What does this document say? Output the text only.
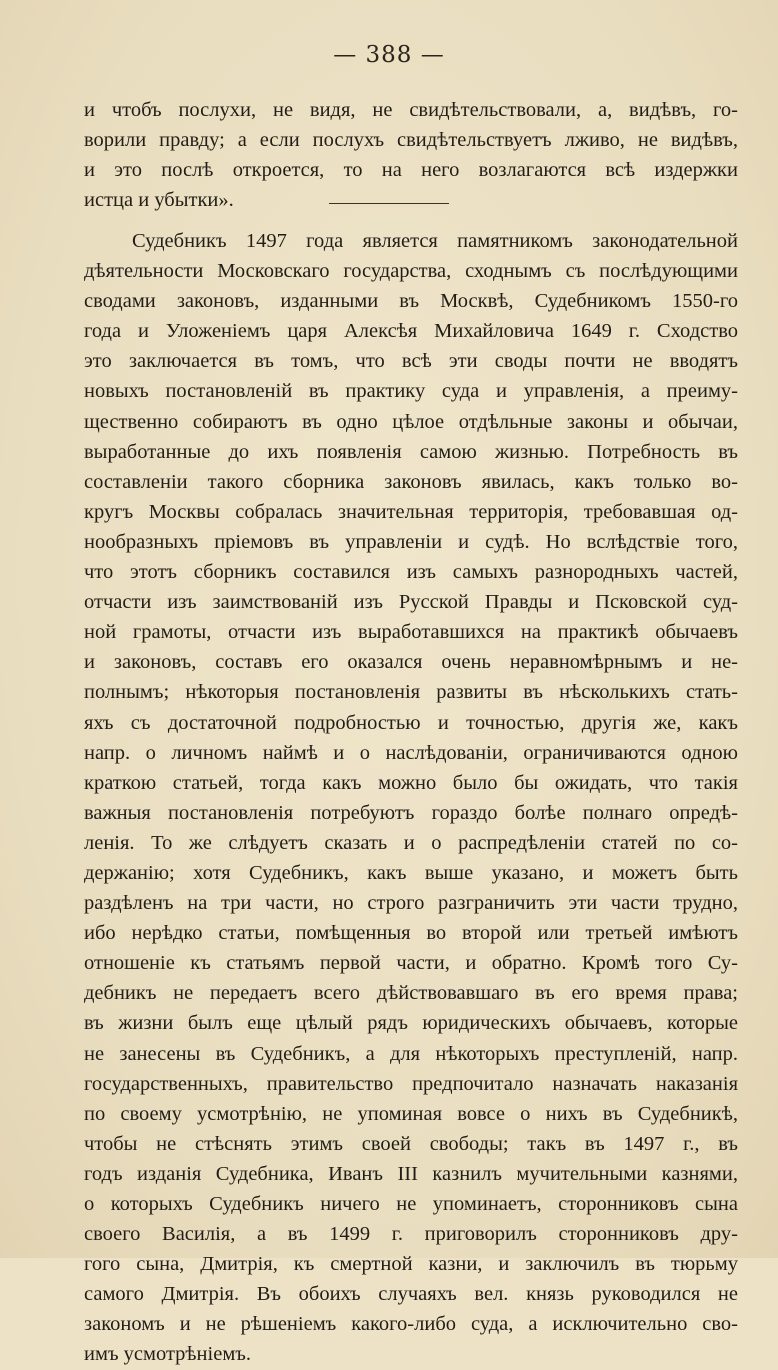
— 388 —
и чтобъ послухи, не видя, не свидѣтельствовали, а, видѣвъ, го-
ворили правду; а если послухъ свидѣтельствуетъ лживо, не видѣвъ,
и это послѣ откроется, то на него возлагаются всѣ издержки
истца и убытки».
Судебникъ 1497 года является памятникомъ законодательной
дѣятельности Московскаго государства, сходнымъ съ послѣдующими
сводами законовъ, изданными въ Москвѣ, Судебникомъ 1550-го
года и Уложеніемъ царя Алексѣя Михайловича 1649 г. Сходство
это заключается въ томъ, что всѣ эти своды почти не вводятъ
новыхъ постановленій въ практику суда и управленія, а преиму-
щественно собираютъ въ одно цѣлое отдѣльные законы и обычаи,
выработанные до ихъ появленія самою жизнью. Потребность въ
составленіи такого сборника законовъ явилась, какъ только во-
кругъ Москвы собралась значительная территорія, требовавшая од-
нообразныхъ пріемовъ въ управленіи и судѣ. Но вслѣдствіе того,
что этотъ сборникъ составился изъ самыхъ разнородныхъ частей,
отчасти изъ заимствованій изъ Русской Правды и Псковской суд-
ной грамоты, отчасти изъ выработавшихся на практикѣ обычаевъ
и законовъ, составъ его оказался очень неравномѣрнымъ и не-
полнымъ; нѣкоторыя постановленія развиты въ нѣсколькихъ стать-
яхъ съ достаточной подробностью и точностью, другія же, какъ
напр. о личномъ наймѣ и о наслѣдованіи, ограничиваются одною
краткою статьей, тогда какъ можно было бы ожидать, что такія
важныя постановленія потребуютъ гораздо болѣе полнаго опредѣ-
ленія. То же слѣдуетъ сказать и о распредѣленіи статей по со-
держанію; хотя Судебникъ, какъ выше указано, и можетъ быть
раздѣленъ на три части, но строго разграничить эти части трудно,
ибо нерѣдко статьи, помѣщенныя во второй или третьей имѣютъ
отношеніе къ статьямъ первой части, и обратно. Кромѣ того Су-
дебникъ не передаетъ всего дѣйствовавшаго въ его время права;
въ жизни былъ еще цѣлый рядъ юридическихъ обычаевъ, которые
не занесены въ Судебникъ, а для нѣкоторыхъ преступленій, напр.
государственныхъ, правительство предпочитало назначать наказанія
по своему усмотрѣнію, не упоминая вовсе о нихъ въ Судебникѣ,
чтобы не стѣснять этимъ своей свободы; такъ въ 1497 г., въ
годъ изданія Судебника, Иванъ III казнилъ мучительными казнями,
о которыхъ Судебникъ ничего не упоминаетъ, сторонниковъ сына
своего Василія, а въ 1499 г. приговорилъ сторонниковъ дру-
гого сына, Дмитрія, къ смертной казни, и заключилъ въ тюрьму
самого Дмитрія. Въ обоихъ случаяхъ вел. князь руководился не
закономъ и не рѣшеніемъ какого-либо суда, а исключительно сво-
имъ усмотрѣніемъ.
